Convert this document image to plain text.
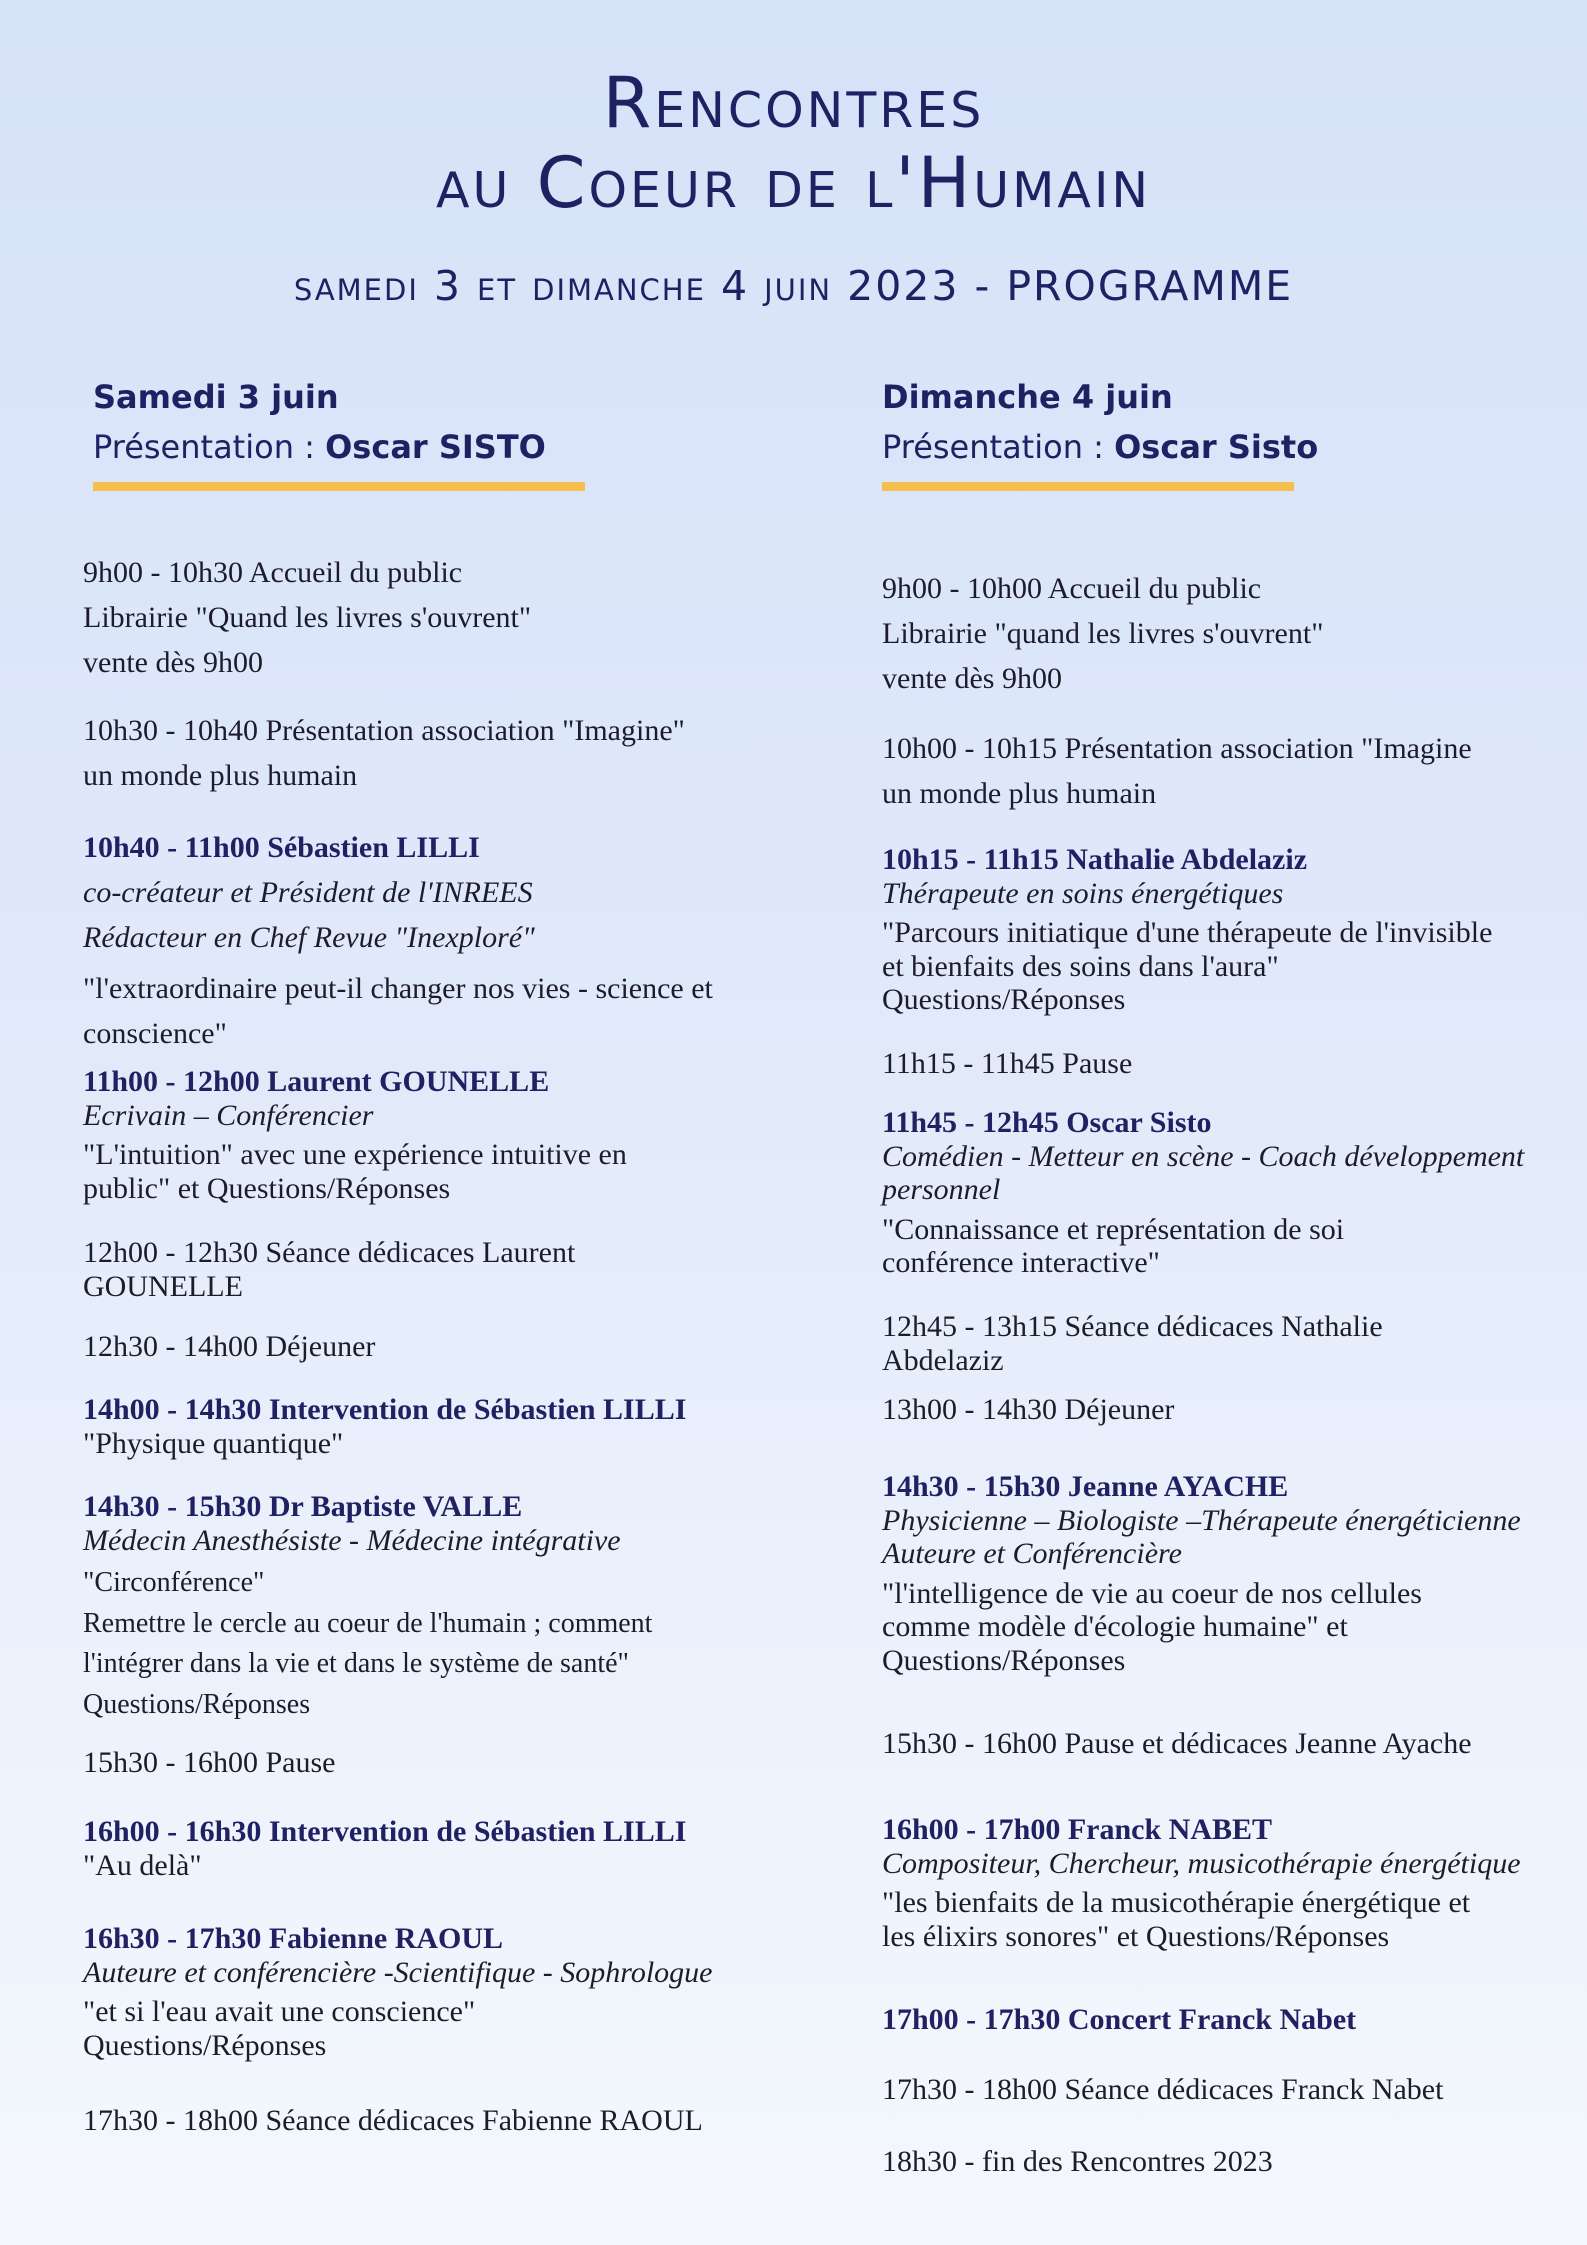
Rencontres
au Coeur de l'Humain
samedi 3 et dimanche 4 juin 2023 - PROGRAMME
Samedi 3 juin
Présentation : Oscar SISTO
Dimanche 4 juin
Présentation : Oscar Sisto
9h00 - 10h30 Accueil du public
Librairie "Quand les livres s'ouvrent"
vente dès 9h00
10h30 - 10h40 Présentation association "Imagine"
un monde plus humain
10h40 - 11h00 Sébastien LILLI
co-créateur et Président de l'INREES
Rédacteur en Chef Revue "Inexploré"
"l'extraordinaire peut-il changer nos vies - science et
conscience"
11h00 - 12h00 Laurent GOUNELLE
Ecrivain – Conférencier
"L'intuition" avec une expérience intuitive en
public" et Questions/Réponses
12h00 - 12h30 Séance dédicaces Laurent
GOUNELLE
12h30 - 14h00 Déjeuner
14h00 - 14h30 Intervention de Sébastien LILLI
"Physique quantique"
14h30 - 15h30 Dr Baptiste VALLE
Médecin Anesthésiste - Médecine intégrative
"Circonférence"
Remettre le cercle au coeur de l'humain ; comment
l'intégrer dans la vie et dans le système de santé"
Questions/Réponses
15h30 - 16h00 Pause
16h00 - 16h30 Intervention de Sébastien LILLI
"Au delà"
16h30 - 17h30 Fabienne RAOUL
Auteure et conférencière -Scientifique - Sophrologue
"et si l'eau avait une conscience"
Questions/Réponses
17h30 - 18h00 Séance dédicaces Fabienne RAOUL
9h00 - 10h00 Accueil du public
Librairie "quand les livres s'ouvrent"
vente dès 9h00
10h00 - 10h15 Présentation association "Imagine
un monde plus humain
10h15 - 11h15 Nathalie Abdelaziz
Thérapeute en soins énergétiques
"Parcours initiatique d'une thérapeute de l'invisible
et bienfaits des soins dans l'aura"
Questions/Réponses
11h15 - 11h45 Pause
11h45 - 12h45 Oscar Sisto
Comédien - Metteur en scène - Coach développement
personnel
"Connaissance et représentation de soi
conférence interactive"
12h45 - 13h15 Séance dédicaces Nathalie
Abdelaziz
13h00 - 14h30 Déjeuner
14h30 - 15h30 Jeanne AYACHE
Physicienne – Biologiste –Thérapeute énergéticienne
Auteure et Conférencière
"l'intelligence de vie au coeur de nos cellules
comme modèle d'écologie humaine" et
Questions/Réponses
15h30 - 16h00 Pause et dédicaces Jeanne Ayache
16h00 - 17h00 Franck NABET
Compositeur, Chercheur, musicothérapie énergétique
"les bienfaits de la musicothérapie énergétique et
les élixirs sonores" et Questions/Réponses
17h00 - 17h30 Concert Franck Nabet
17h30 - 18h00 Séance dédicaces Franck Nabet
18h30 - fin des Rencontres 2023
